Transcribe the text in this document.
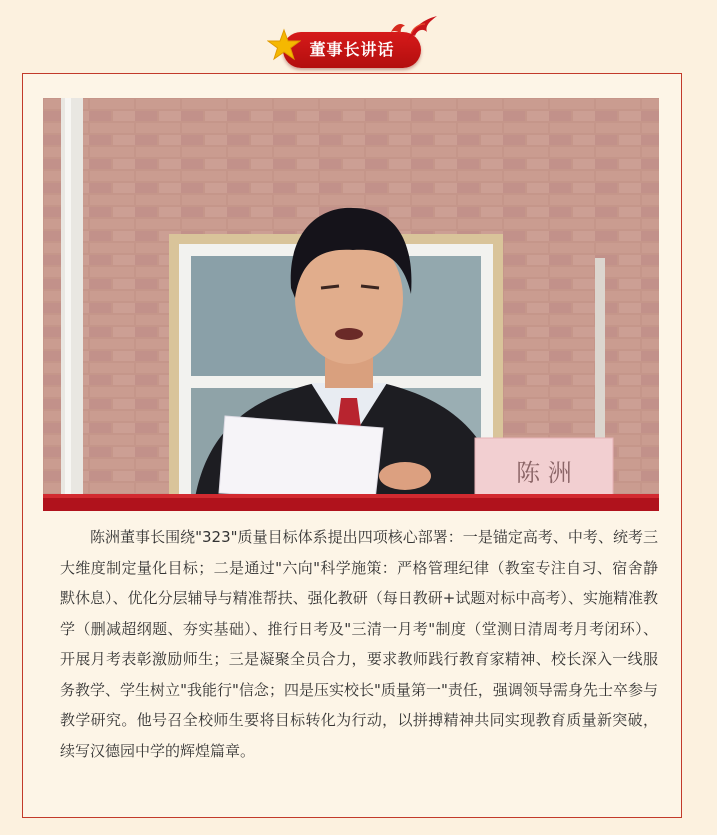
董事长讲话
陈 洲

陈洲董事长围绕"323"质量目标体系提出四项核心部署：一是锚定高考、中考、统考三大维度制定量化目标；二是通过"六向"科学施策：严格管理纪律（教室专注自习、宿舍静默休息）、优化分层辅导与精准帮扶、强化教研（每日教研+试题对标中高考）、实施精准教学（删减超纲题、夯实基础）、推行日考及"三清一月考"制度（堂测日清周考月考闭环）、开展月考表彰激励师生；三是凝聚全员合力，要求教师践行教育家精神、校长深入一线服务教学、学生树立"我能行"信念；四是压实校长"质量第一"责任，强调领导需身先士卒参与教学研究。他号召全校师生要将目标转化为行动，以拼搏精神共同实现教育质量新突破，续写汉德园中学的辉煌篇章。
